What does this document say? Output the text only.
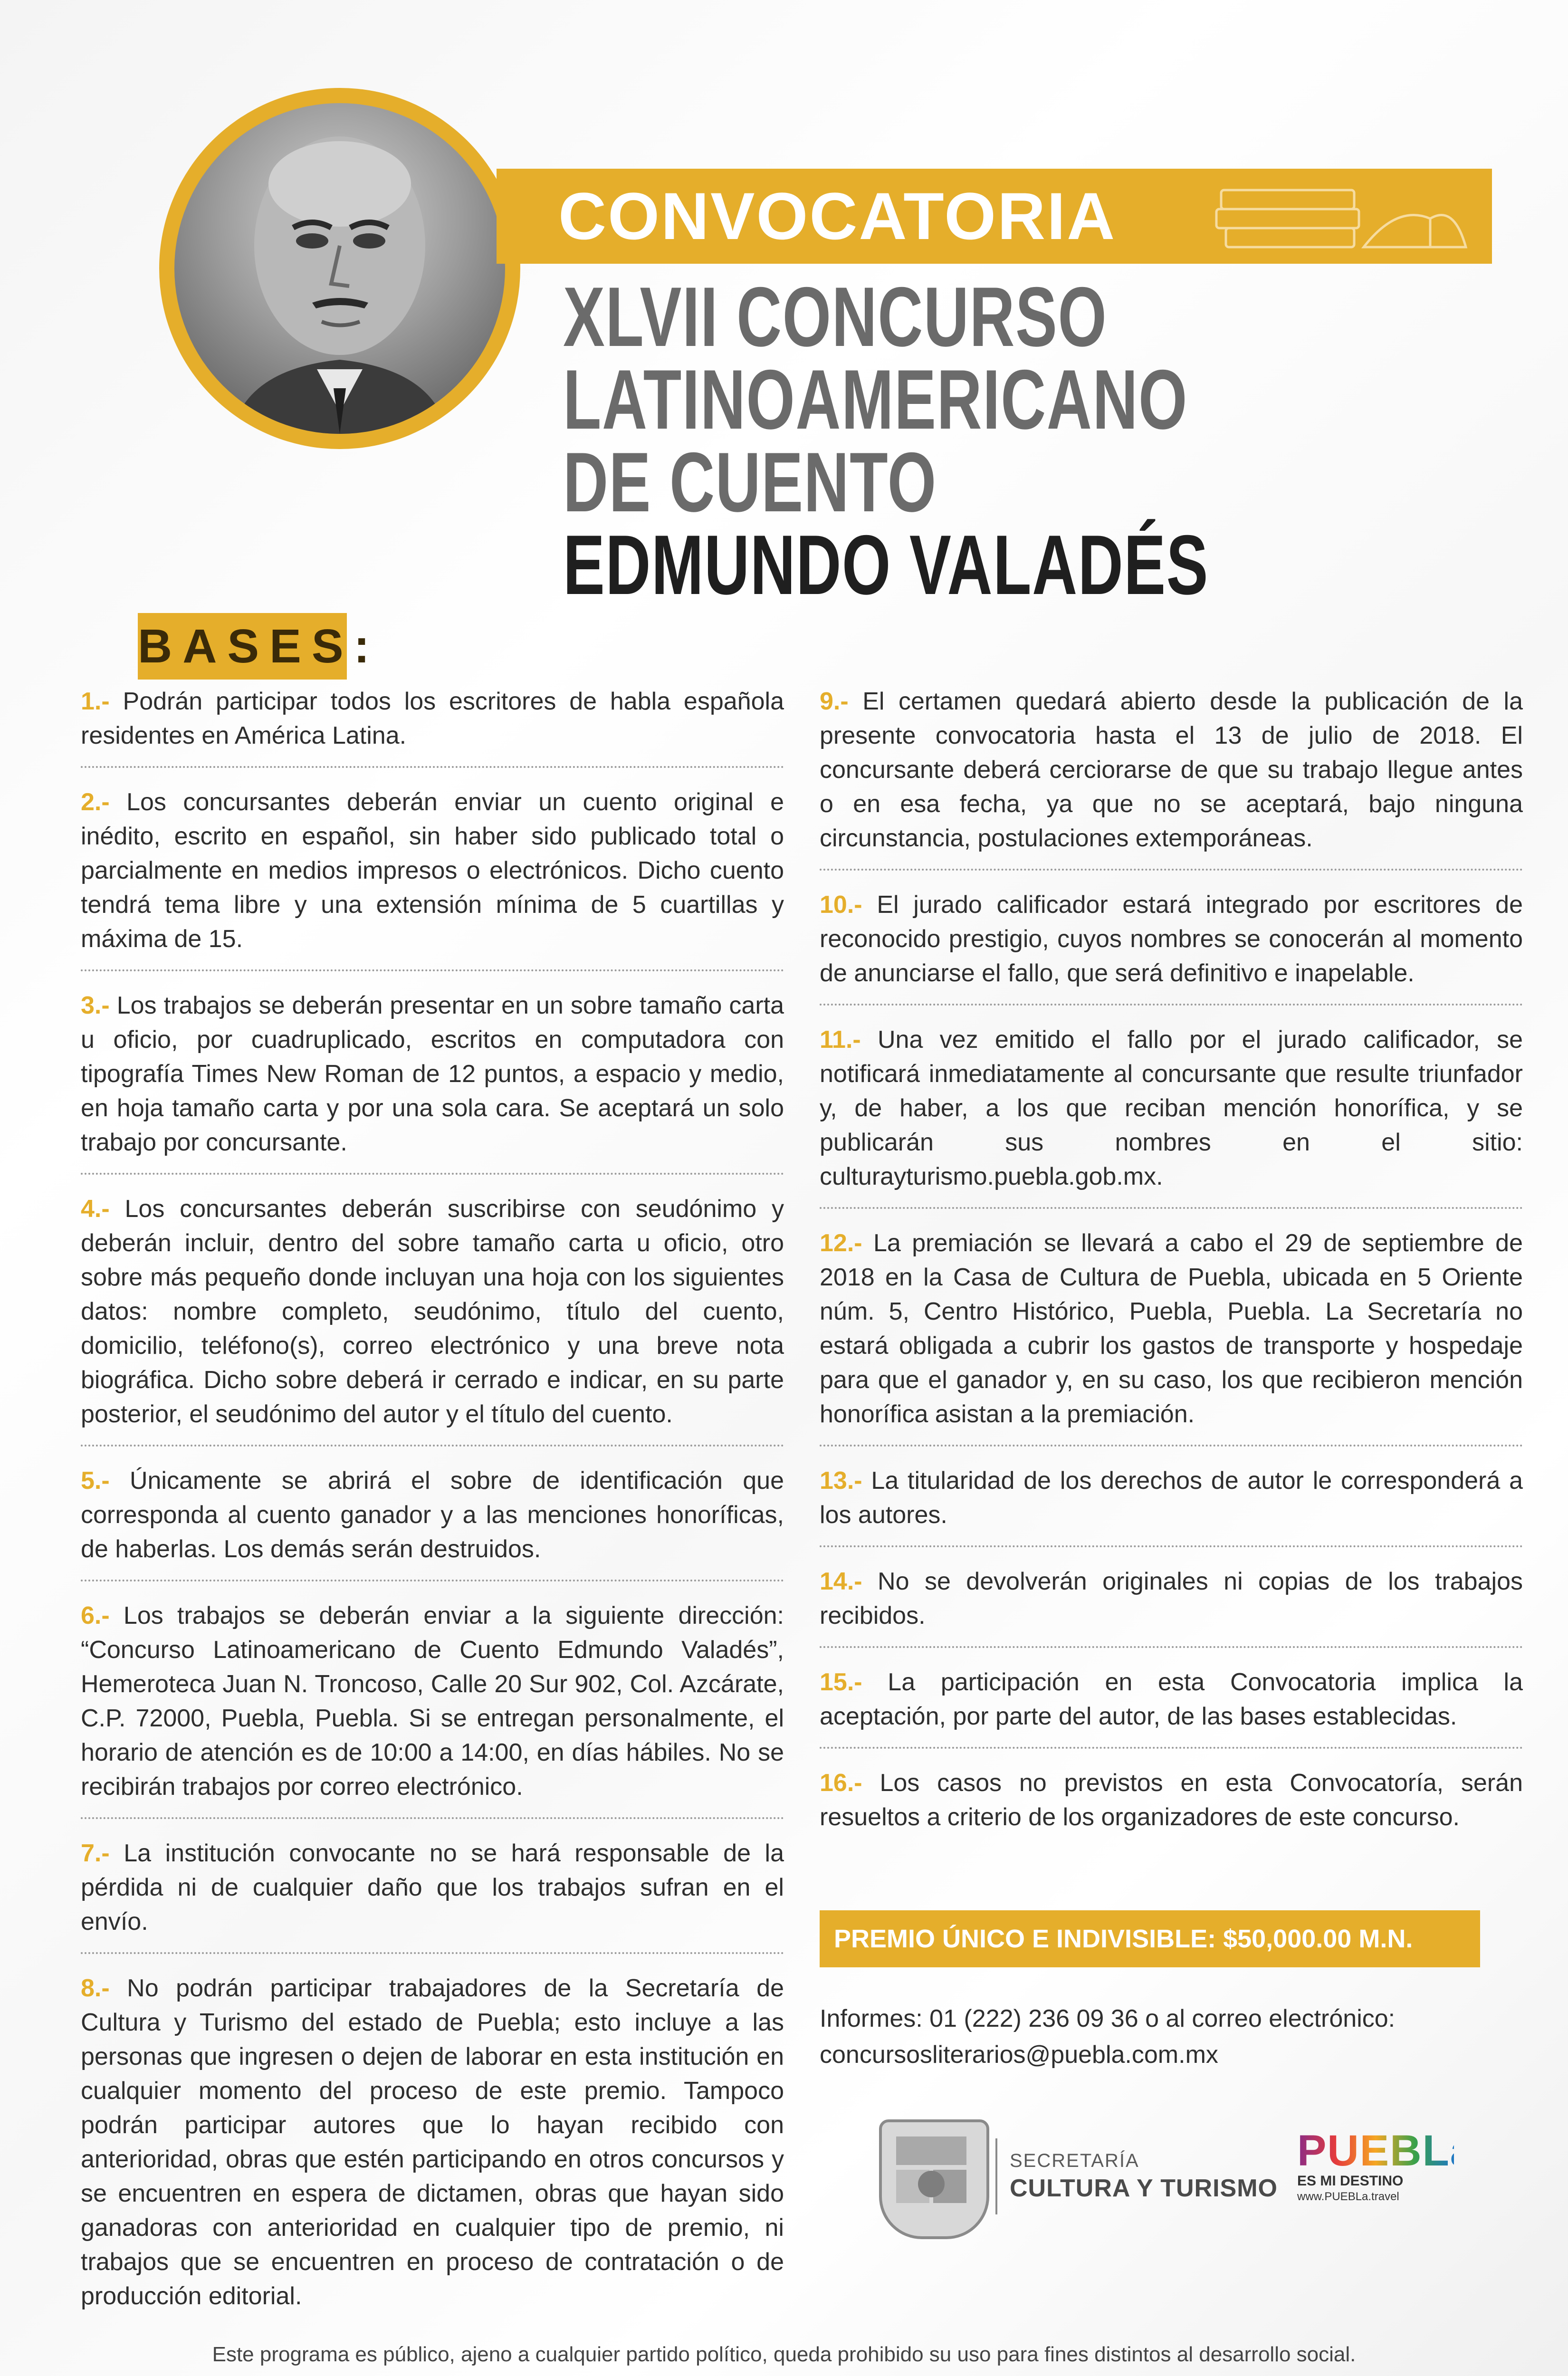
CONVOCATORIA
XLVII CONCURSO
LATINOAMERICANO
DE CUENTO
EDMUNDO VALADÉS
BASES:
1.- Podrán participar todos los escritores de habla española residentes en América Latina.
2.- Los concursantes deberán enviar un cuento original e inédito, escrito en español, sin haber sido publicado total o parcialmente en medios impresos o electrónicos. Dicho cuento tendrá tema libre y una extensión mínima de 5 cuartillas y máxima de 15.
3.- Los trabajos se deberán presentar en un sobre tamaño carta u oficio, por cuadruplicado, escritos en computadora con tipografía Times New Roman de 12 puntos, a espacio y medio, en hoja tamaño carta y por una sola cara. Se aceptará un solo trabajo por concursante.
4.- Los concursantes deberán suscribirse con seudónimo y deberán incluir, dentro del sobre tamaño carta u oficio, otro sobre más pequeño donde incluyan una hoja con los siguientes datos: nombre completo, seudónimo, título del cuento, domicilio, teléfono(s), correo electrónico y una breve nota biográfica. Dicho sobre deberá ir cerrado e indicar, en su parte posterior, el seudónimo del autor y el título del cuento.
5.- Únicamente se abrirá el sobre de identificación que corresponda al cuento ganador y a las menciones honoríficas, de haberlas. Los demás serán destruidos.
6.- Los trabajos se deberán enviar a la siguiente dirección: “Concurso Latinoamericano de Cuento Edmundo Valadés”, Hemeroteca Juan N. Troncoso, Calle 20 Sur 902, Col. Azcárate, C.P. 72000, Puebla, Puebla. Si se entregan personalmente, el horario de atención es de 10:00 a 14:00, en días hábiles. No se recibirán trabajos por correo electrónico.
7.- La institución convocante no se hará responsable de la pérdida ni de cualquier daño que los trabajos sufran en el envío.
8.- No podrán participar trabajadores de la Secretaría de Cultura y Turismo del estado de Puebla; esto incluye a las personas que ingresen o dejen de laborar en esta institución en cualquier momento del proceso de este premio. Tampoco podrán participar autores que lo hayan recibido con anterioridad, obras que estén participando en otros concursos y se encuentren en espera de dictamen, obras que hayan sido ganadoras con anterioridad en cualquier tipo de premio, ni trabajos que se encuentren en proceso de contratación o de producción editorial.
9.- El certamen quedará abierto desde la publicación de la presente convocatoria hasta el 13 de julio de 2018. El concursante deberá cerciorarse de que su trabajo llegue antes o en esa fecha, ya que no se aceptará, bajo ninguna circunstancia, postulaciones extemporáneas.
10.- El jurado calificador estará integrado por escritores de reconocido prestigio, cuyos nombres se conocerán al momento de anunciarse el fallo, que será definitivo e inapelable.
11.- Una vez emitido el fallo por el jurado calificador, se notificará inmediatamente al concursante que resulte triunfador y, de haber, a los que reciban mención honorífica, y se publicarán sus nombres en el sitio: culturayturismo.puebla.gob.mx.
12.- La premiación se llevará a cabo el 29 de septiembre de 2018 en la Casa de Cultura de Puebla, ubicada en 5 Oriente núm. 5, Centro Histórico, Puebla, Puebla. La Secretaría no estará obligada a cubrir los gastos de transporte y hospedaje para que el ganador y, en su caso, los que recibieron mención honorífica asistan a la premiación.
13.- La titularidad de los derechos de autor le corresponderá a los autores.
14.- No se devolverán originales ni copias de los trabajos recibidos.
15.- La participación en esta Convocatoria implica la aceptación, por parte del autor, de las bases establecidas.
16.- Los casos no previstos en esta Convocatoría, serán resueltos a criterio de los organizadores de este concurso.
PREMIO ÚNICO E INDIVISIBLE: $50,000.00 M.N.
Informes: 01 (222) 236 09 36 o al correo electrónico:
concursosliterarios@puebla.com.mx
SECRETARÍA
CULTURA Y TURISMO
PUEBLa
ES MI DESTINO
www.PUEBLa.travel
Este programa es público, ajeno a cualquier partido político, queda prohibido su uso para fines distintos al desarrollo social.
